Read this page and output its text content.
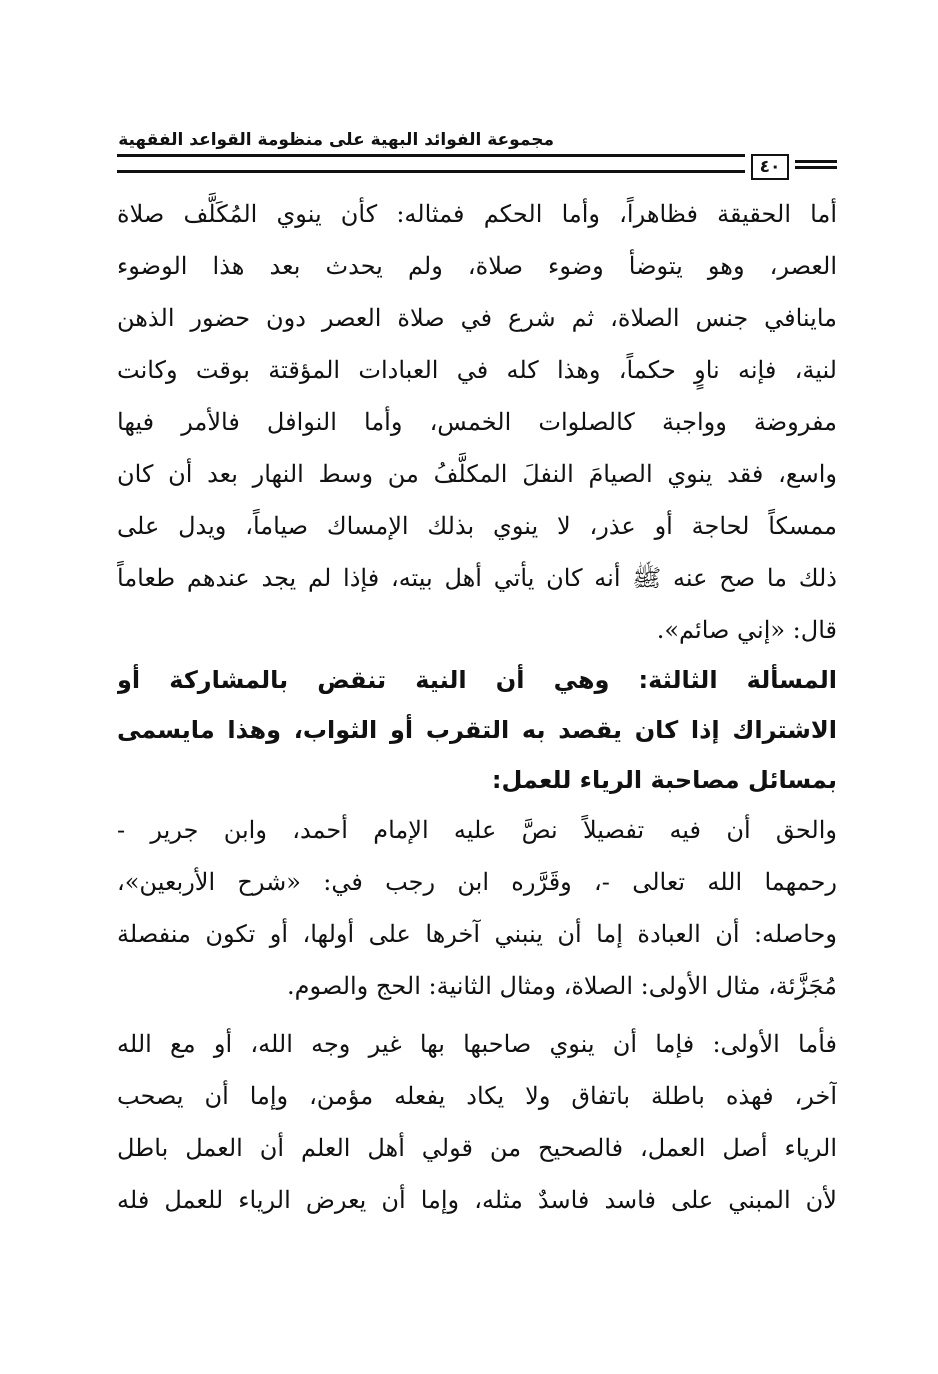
مجموعة الفوائد البهية على منظومة القواعد الفقهية
٤٠
أما الحقيقة فظاهراً، وأما الحكم فمثاله: كأن ينوي المُكَلَّف صلاة
العصر، وهو يتوضأ وضوء صلاة، ولم يحدث بعد هذا الوضوء
ماينافي جنس الصلاة، ثم شرع في صلاة العصر دون حضور الذهن
لنية، فإنه ناوٍ حكماً، وهذا كله في العبادات المؤقتة بوقت وكانت
مفروضة وواجبة كالصلوات الخمس، وأما النوافل فالأمر فيها
واسع، فقد ينوي الصيامَ النفلَ المكلَّفُ من وسط النهار بعد أن كان
ممسكاً لحاجة أو عذر، لا ينوي بذلك الإمساك صياماً، ويدل على
ذلك ما صح عنه ﷺ أنه كان يأتي أهل بيته، فإذا لم يجد عندهم طعاماً
قال: «إني صائم».
المسألة الثالثة: وهي أن النية تنقض بالمشاركة أو
الاشتراك إذا كان يقصد به التقرب أو الثواب، وهذا مايسمى
بمسائل مصاحبة الرياء للعمل:
والحق أن فيه تفصيلاً نصَّ عليه الإمام أحمد، وابن جرير -
رحمهما الله تعالى -، وقَرَّره ابن رجب في: «شرح الأربعين»،
وحاصله: أن العبادة إما أن ينبني آخرها على أولها، أو تكون منفصلة
مُجَزَّئة، مثال الأولى: الصلاة، ومثال الثانية: الحج والصوم.
فأما الأولى: فإما أن ينوي صاحبها بها غير وجه الله، أو مع الله
آخر، فهذه باطلة باتفاق ولا يكاد يفعله مؤمن، وإما أن يصحب
الرياء أصل العمل، فالصحيح من قولي أهل العلم أن العمل باطل
لأن المبني على فاسد فاسدٌ مثله، وإما أن يعرض الرياء للعمل فله
